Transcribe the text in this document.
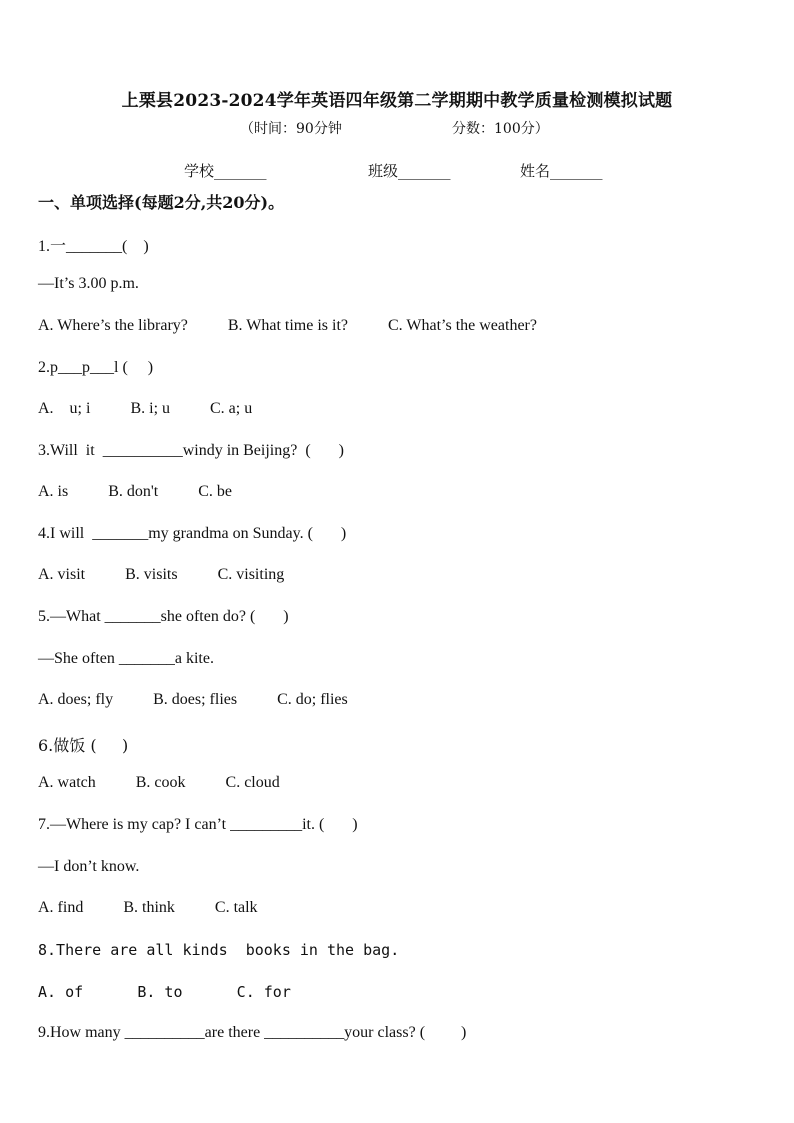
上栗县2023-2024学年英语四年级第二学期期中教学质量检测模拟试题
（时间：90分钟	分数：100分）
学校_______	班级_______	姓名_______
一、单项选择(每题2分,共20分)。
1.一_______(    )
—It’s 3.00 p.m.
A. Where’s the library?          B. What time is it?          C. What’s the weather?
2.p___p___l (     )
A.    u; i          B. i; u          C. a; u
3.Will  it  __________windy in Beijing?  (       )
A. is          B. don't          C. be
4.I will  _______my grandma on Sunday. (       )
A. visit          B. visits          C. visiting
5.—What _______she often do? (       )
—She often _______a kite.
A. does; fly          B. does; flies          C. do; flies
6.做饭 (     )
A. watch          B. cook          C. cloud
7.—Where is my cap? I can’t _________it. (       )
—I don’t know.
A. find          B. think          C. talk
8.There are all kinds  books in the bag.
A. of      B. to      C. for
9.How many __________are there __________your class? (         )
